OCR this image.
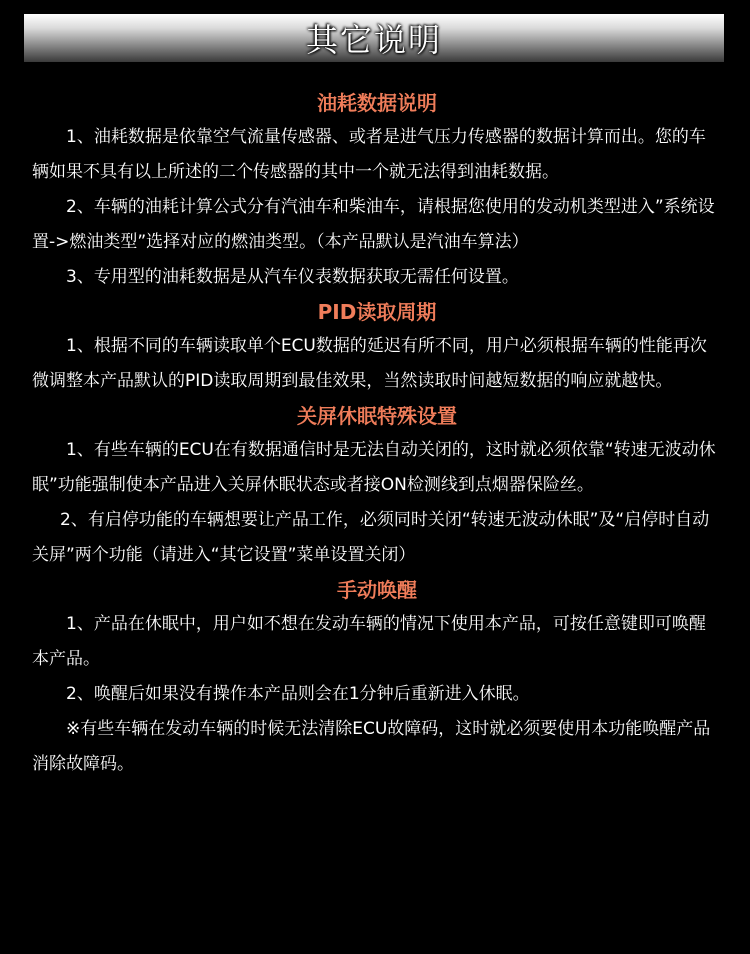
其它说明
油耗数据说明

1、油耗数据是依靠空气流量传感器、或者是进气压力传感器的数据计算而出。您的车辆如果不具有以上所述的二个传感器的其中一个就无法得到油耗数据。

2、车辆的油耗计算公式分有汽油车和柴油车，请根据您使用的发动机类型进入”系统设置->燃油类型”选择对应的燃油类型。（本产品默认是汽油车算法）

3、专用型的油耗数据是从汽车仪表数据获取无需任何设置。

PID读取周期

1、根据不同的车辆读取单个ECU数据的延迟有所不同，用户必须根据车辆的性能再次微调整本产品默认的PID读取周期到最佳效果，当然读取时间越短数据的响应就越快。

关屏休眠特殊设置

1、有些车辆的ECU在有数据通信时是无法自动关闭的，这时就必须依靠“转速无波动休眠”功能强制使本产品进入关屏休眠状态或者接ON检测线到点烟器保险丝。

2、有启停功能的车辆想要让产品工作，必须同时关闭“转速无波动休眠”及“启停时自动关屏”两个功能（请进入“其它设置”菜单设置关闭）

手动唤醒

1、产品在休眠中，用户如不想在发动车辆的情况下使用本产品，可按任意键即可唤醒本产品。

2、唤醒后如果没有操作本产品则会在1分钟后重新进入休眠。

※有些车辆在发动车辆的时候无法清除ECU故障码，这时就必须要使用本功能唤醒产品消除故障码。
